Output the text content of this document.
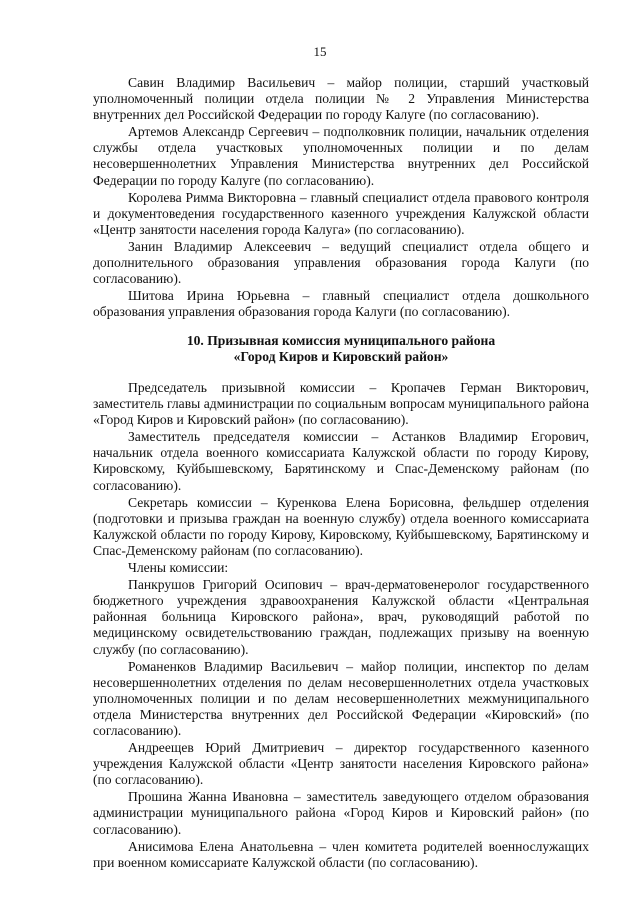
15

Савин Владимир Васильевич – майор полиции, старший участковый уполномоченный полиции отдела полиции № 2 Управления Министерства внутренних дел Российской Федерации по городу Калуге (по согласованию).

Артемов Александр Сергеевич – подполковник полиции, начальник отделения службы отдела участковых уполномоченных полиции и по делам несовершеннолетних Управления Министерства внутренних дел Российской Федерации по городу Калуге (по согласованию).

Королева Римма Викторовна – главный специалист отдела правового контроля и документоведения государственного казенного учреждения Калужской области «Центр занятости населения города Калуга» (по согласованию).

Занин Владимир Алексеевич – ведущий специалист отдела общего и дополнительного образования управления образования города Калуги (по согласованию).

Шитова Ирина Юрьевна – главный специалист отдела дошкольного образования управления образования города Калуги (по согласованию).

10. Призывная комиссия муниципального района
«Город Киров и Кировский район»

Председатель призывной комиссии – Кропачев Герман Викторович, заместитель главы администрации по социальным вопросам муниципального района «Город Киров и Кировский район» (по согласованию).

Заместитель председателя комиссии – Астанков Владимир Егорович, начальник отдела военного комиссариата Калужской области по городу Кирову, Кировскому, Куйбышевскому, Барятинскому и Спас-Деменскому районам (по согласованию).

Секретарь комиссии – Куренкова Елена Борисовна, фельдшер отделения (подготовки и призыва граждан на военную службу) отдела военного комиссариата Калужской области по городу Кирову, Кировскому, Куйбышевскому, Барятинскому и Спас-Деменскому районам (по согласованию).

Члены комиссии:

Панкрушов Григорий Осипович – врач-дерматовенеролог государственного бюджетного учреждения здравоохранения Калужской области «Центральная районная больница Кировского района», врач, руководящий работой по медицинскому освидетельствованию граждан, подлежащих призыву на военную службу (по согласованию).

Романенков Владимир Васильевич – майор полиции, инспектор по делам несовершеннолетних отделения по делам несовершеннолетних отдела участковых уполномоченных полиции и по делам несовершеннолетних межмуниципального отдела Министерства внутренних дел Российской Федерации «Кировский» (по согласованию).

Андреещев Юрий Дмитриевич – директор государственного казенного учреждения Калужской области «Центр занятости населения Кировского района» (по согласованию).

Прошина Жанна Ивановна – заместитель заведующего отделом образования администрации муниципального района «Город Киров и Кировский район» (по согласованию).

Анисимова Елена Анатольевна – член комитета родителей военнослужащих при военном комиссариате Калужской области (по согласованию).
